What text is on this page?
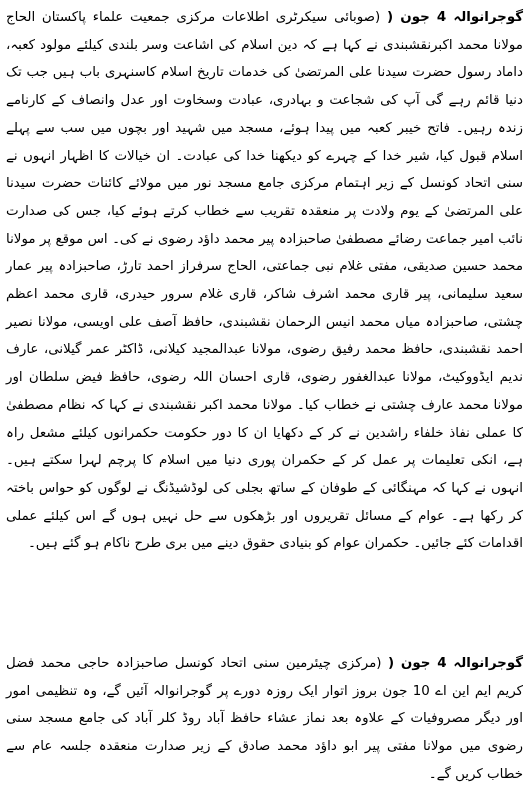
گوجرانوالہ 4 جون ( (صوبائی سیکرٹری اطلاعات مرکزی جمعیت علماء پاکستان الحاج مولانا محمد اکبرنقشبندی نے کہا ہے کہ دین اسلام کی اشاعت وسر بلندی کیلئے مولود کعبہ، داماد رسول حضرت سیدنا علی المرتضیٰ کی خدمات تاریخ اسلام کاسنہری باب ہیں جب تک دنیا قائم رہے گی آپ کی شجاعت و بہادری، عبادت وسخاوت اور عدل وانصاف کے کارنامے زندہ رہیں۔ فاتح خیبر کعبہ میں پیدا ہوئے، مسجد میں شہید اور بچوں میں سب سے پہلے اسلام قبول کیا، شیر خدا کے چہرے کو دیکھنا خدا کی عبادت۔ ان خیالات کا اظہار انہوں نے سنی اتحاد کونسل کے زیر اہتمام مرکزی جامع مسجد نور میں مولائے کائنات حضرت سیدنا علی المرتضیٰ کے یوم ولادت پر منعقدہ تقریب سے خطاب کرتے ہوئے کیا، جس کی صدارت نائب امیر جماعت رضائے مصطفیٰ صاحبزادہ پیر محمد داؤد رضوی نے کی۔ اس موقع پر مولانا محمد حسین صدیقی، مفتی غلام نبی جماعتی، الحاج سرفراز احمد تارڑ، صاحبزادہ پیر عمار سعید سلیمانی، پیر قاری محمد اشرف شاکر، قاری غلام سرور حیدری، قاری محمد اعظم چشتی، صاحبزادہ میاں محمد انیس الرحمان نقشبندی، حافظ آصف علی اویسی، مولانا نصیر احمد نقشبندی، حافظ محمد رفیق رضوی، مولانا عبدالمجید کیلانی، ڈاکٹر عمر گیلانی، عارف ندیم ایڈووکیٹ، مولانا عبدالغفور رضوی، قاری احسان اللہ رضوی، حافظ فیض سلطان اور مولانا محمد عارف چشتی نے خطاب کیا۔ مولانا محمد اکبر نقشبندی نے کہا کہ نظام مصطفیٰ کا عملی نفاذ خلفاء راشدین نے کر کے دکھایا ان کا دور حکومت حکمرانوں کیلئے مشعل راہ ہے، انکی تعلیمات پر عمل کر کے حکمران پوری دنیا میں اسلام کا پرچم لہرا سکتے ہیں۔ انہوں نے کہا کہ مہنگائی کے طوفان کے ساتھ بجلی کی لوڈشیڈنگ نے لوگوں کو حواس باختہ کر رکھا ہے۔ عوام کے مسائل تقریروں اور بڑھکوں سے حل نہیں ہوں گے اس کیلئے عملی اقدامات کئے جائیں۔ حکمران عوام کو بنیادی حقوق دینے میں بری طرح ناکام ہو گئے ہیں۔
گوجرانوالہ 4 جون ( (مرکزی چیئرمین سنی اتحاد کونسل صاحبزادہ حاجی محمد فضل کریم ایم این اے 10 جون بروز اتوار ایک روزہ دورے پر گوجرانوالہ آئیں گے، وہ تنظیمی امور اور دیگر مصروفیات کے علاوہ بعد نماز عشاء حافظ آباد روڈ کلر آباد کی جامع مسجد سنی رضوی میں مولانا مفتی پیر ابو داؤد محمد صادق کے زیر صدارت منعقدہ جلسہ عام سے خطاب کریں گے۔
